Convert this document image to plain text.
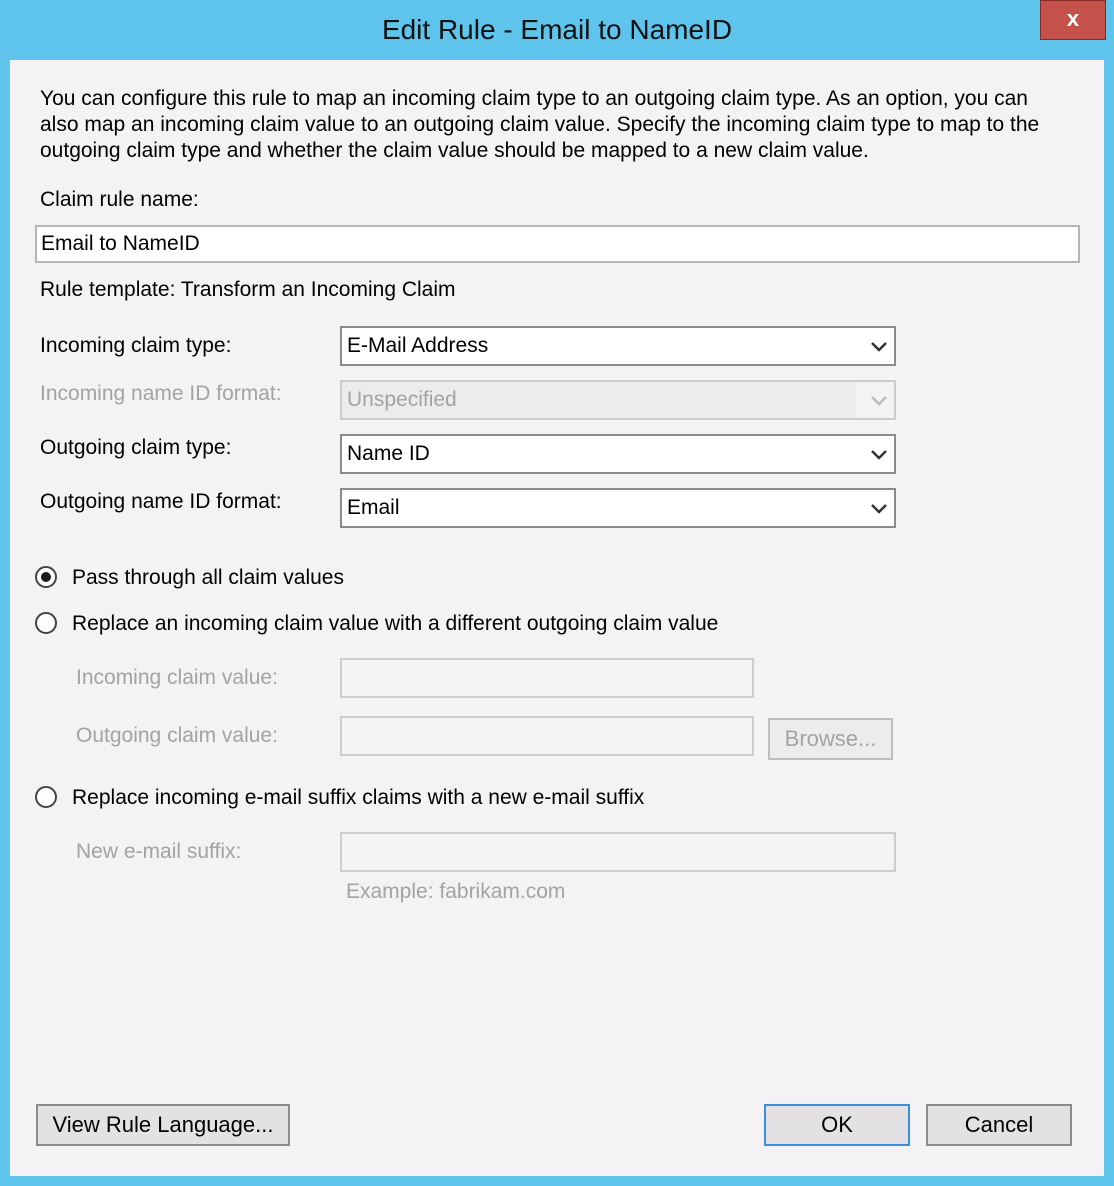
Edit Rule - Email to NameID	x
You can configure this rule to map an incoming claim type to an outgoing claim type. As an option, you can also map an incoming claim value to an outgoing claim value. Specify the incoming claim type to map to the outgoing claim type and whether the claim value should be mapped to a new claim value.
Claim rule name:
Email to NameID
Rule template: Transform an Incoming Claim
Incoming claim type:	E-Mail Address
Incoming name ID format:	Unspecified
Outgoing claim type:	Name ID
Outgoing name ID format:	Email
Pass through all claim values
Replace an incoming claim value with a different outgoing claim value
Incoming claim value:
Outgoing claim value:	Browse...
Replace incoming e-mail suffix claims with a new e-mail suffix
New e-mail suffix:
Example: fabrikam.com
View Rule Language...	OK	Cancel
